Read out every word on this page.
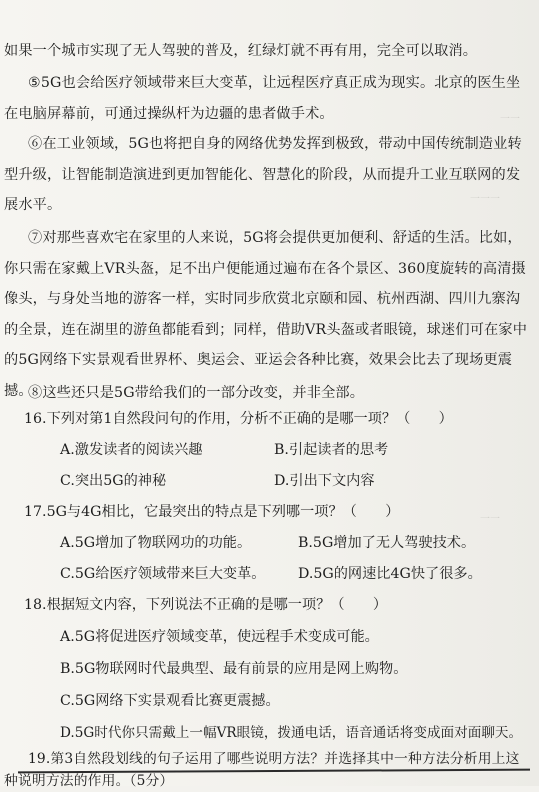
一一
一一一
一一

如果一个城市实现了无人驾驶的普及，红绿灯就不再有用，完全可以取消。

⑤5G也会给医疗领域带来巨大变革，让远程医疗真正成为现实。北京的医生坐在电脑屏幕前，可通过操纵杆为边疆的患者做手术。

⑥在工业领域，5G也将把自身的网络优势发挥到极致，带动中国传统制造业转型升级，让智能制造演进到更加智能化、智慧化的阶段，从而提升工业互联网的发展水平。

⑦对那些喜欢宅在家里的人来说，5G将会提供更加便利、舒适的生活。比如，你只需在家戴上VR头盔，足不出户便能通过遍布在各个景区、360度旋转的高清摄像头，与身处当地的游客一样，实时同步欣赏北京颐和园、杭州西湖、四川九寨沟的全景，连在湖里的游鱼都能看到；同样，借助VR头盔或者眼镜，球迷们可在家中的5G网络下实景观看世界杯、奥运会、亚运会各种比赛，效果会比去了现场更震撼。

⑧这些还只是5G带给我们的一部分改变，并非全部。

16.下列对第1自然段问句的作用，分析不正确的是哪一项？（　　）

A.激发读者的阅读兴趣	B.引起读者的思考

C.突出5G的神秘	D.引出下文内容

17.5G与4G相比，它最突出的特点是下列哪一项？（　　）

A.5G增加了物联网功的功能。	B.5G增加了无人驾驶技术。

C.5G给医疗领域带来巨大变革。 D.5G的网速比4G快了很多。

18.根据短文内容，下列说法不正确的是哪一项？（　　）

A.5G将促进医疗领域变革，使远程手术变成可能。

B.5G物联网时代最典型、最有前景的应用是网上购物。

C.5G网络下实景观看比赛更震撼。

D.5G时代你只需戴上一幅VR眼镜，拨通电话，语音通话将变成面对面聊天。

19.第3自然段划线的句子运用了哪些说明方法？并选择其中一种方法分析用上这种说明方法的作用。（5分）
